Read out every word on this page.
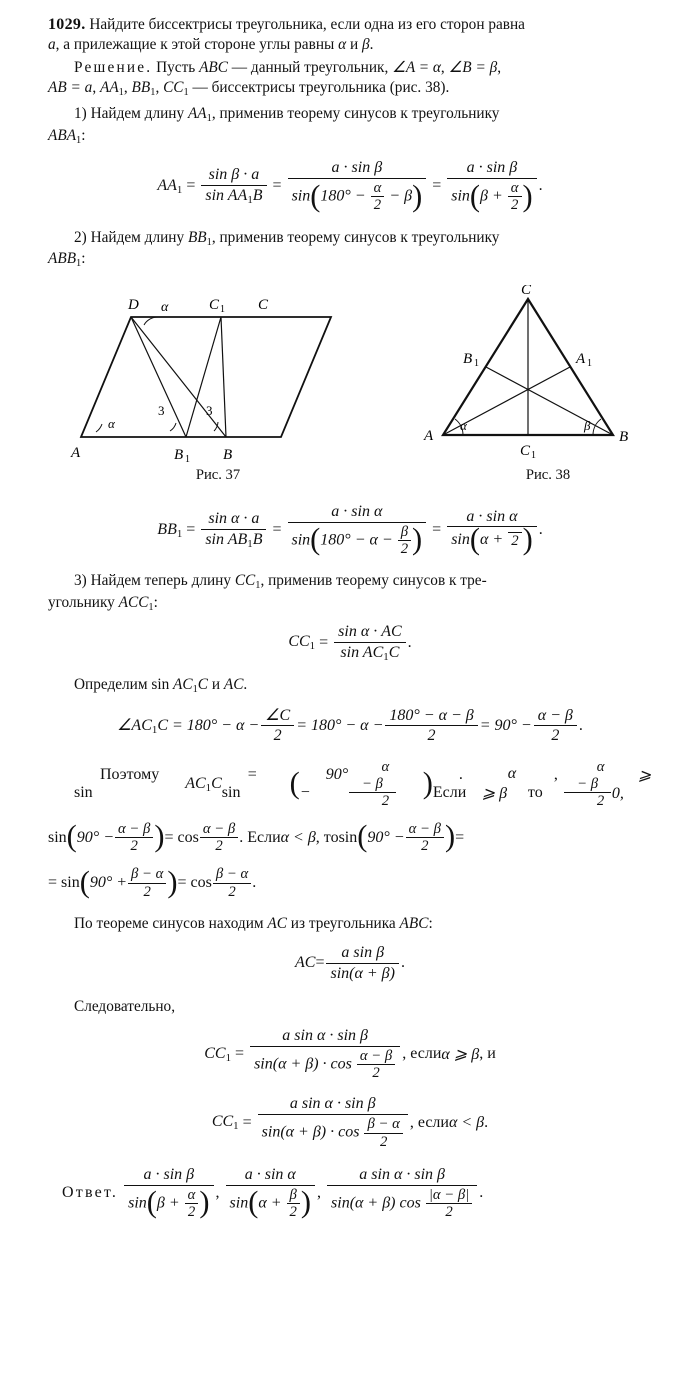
1029. Найдите биссектрисы треугольника, если одна из его сторон равна
a, а прилежащие к этой стороне углы равны α и β.

Решение. Пусть ABC — данный треугольник, ∠A = α, ∠B = β,
AB = a, $AA_1$, $BB_1$, $CC_1$ — биссектрисы треугольника (рис. 38).

1) Найдем длину $AA_1$, применив теорему синусов к треугольнику
$ABA_1$:

$AA_1 = \frac{\text{sin β · a}}{\sin AA_1B} = \frac{\text{a · sin β}}{\sin(180^\circ - \frac{\alpha}{2} - \beta)} = \frac{\text{a · sin β}}{\sin(\beta + \frac{\alpha}{2} )}$ .

2) Найдем длину $BB_1$, применив теорему синусов к треугольнику
$ABB_1$:

D α	C 1 C
A	B 1 B
α
3	3
C
B 1	A 1
A
C 1
B
α	β
Рис. 37	Рис. 38
$BB_1 = \frac{\text{sin α · a}}{\sin AB_1B} = \frac{\text{a · sin α}}{\sin(180^\circ - \alpha - \frac{\beta}{2} )} = \frac{\text{a · sin α}}{\sin(\alpha + 2 )}$ .

3) Найдем теперь длину $CC_1$, применив теорему синусов к тре-
угольнику $ACC_1$:

$CC_1 = \frac{\text{sin α · AC}}{\sin AC_1C}$ .

Определим $\sin AC_1C$ и AC.

$\angle AC_1C = 180^\circ - \alpha - \frac{\angle C}{2} = 180^\circ - \alpha - \frac{180^\circ - \alpha - \beta}{2} = 90^\circ - \frac{\alpha - \beta}{2}$ .
Поэтому sin
$AC_1C$	= sin	(	90° −	$\frac{\alpha - \beta}{2}$ )	. Если
α ⩾ β
, то
α − β
2
⩾ 0,
sin ( $90^\circ - \frac{\alpha - \beta}{2}$ ) = cos α − β
2
. Если α < β , то sin ( $90^\circ - \frac{\alpha - \beta}{2}$ ) =
= sin ( $90^\circ + \frac{\beta - \alpha}{2}$ ) = cos β − α
2
.

По теореме синусов находим AC из треугольника ABC:

AC = $\frac{\text{a sin β}}{\sin(\alpha + \beta)}$ .

Следовательно,

$CC_1 = \frac{\text{a sin α · sin β}}{\sin(\alpha + \beta) \cdot \cos \frac{\alpha - \beta}{2}}$ , если α ⩾ β , и
$CC_1 = \frac{\text{a sin α · sin β}}{\sin(\alpha + \beta) \cdot \cos \frac{\beta - \alpha}{2}}$ , если α < β .
Ответ.

a · sin β
$\sin(\beta + \frac{\alpha}{2}$ ) ,

a · sin α
$\sin(\alpha + \frac{\beta}{2}$ ) ,

a sin α · sin β
sin(α + β) $\cos \frac{|\alpha - \beta|}{2}$ .
